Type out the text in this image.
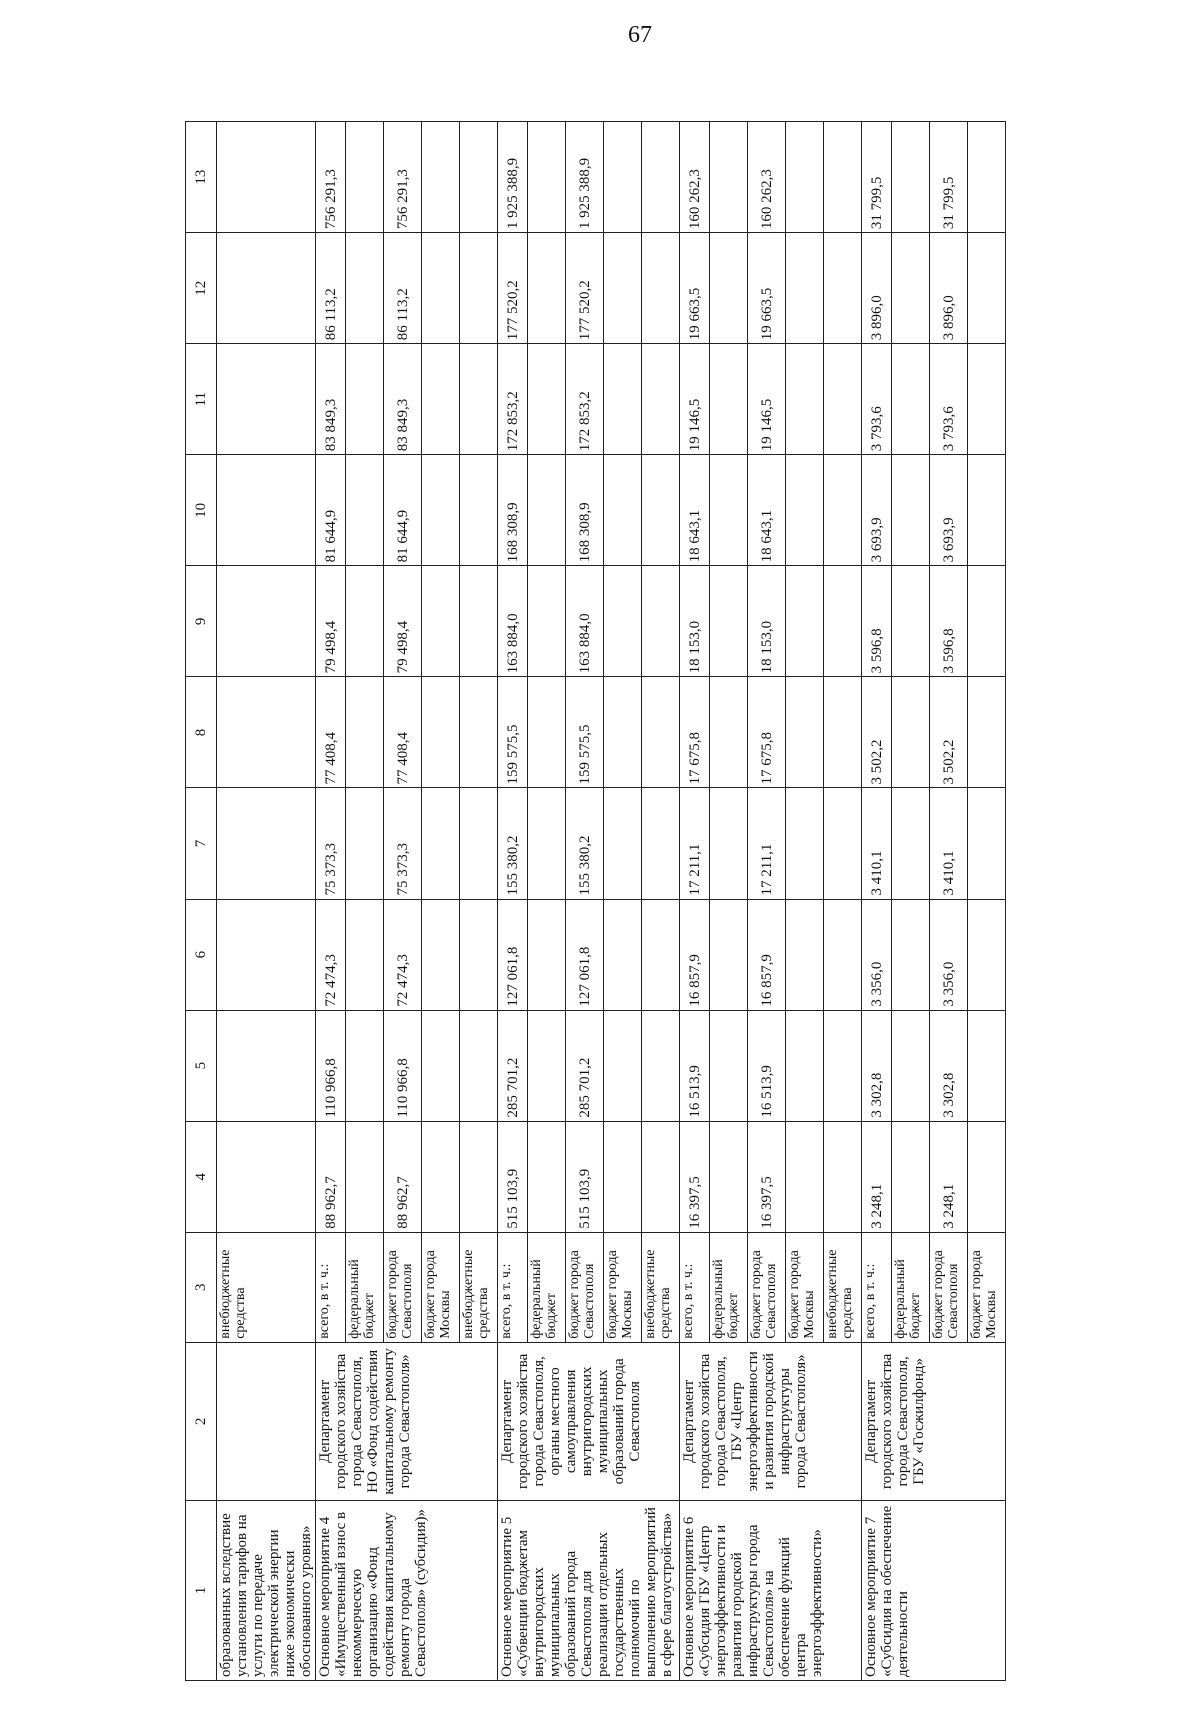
67
1	2	3	4	5	6	7	8	9	10	11	12	13
образованных вследствие установления тарифов на услуги по передаче электрической энергии ниже экономически обоснованного уровня»		внебюджетные средства										
Основное мероприятие 4 «Имущественный взнос в некоммерческую организацию «Фонд содействия капитальному ремонту города Севастополя» (субсидия)»	Департамент городского хозяйства города Севастополя, НО «Фонд содействия капитальному ремонту города Севастополя»	всего, в т. ч.:	88 962,7	110 966,8	72 474,3	75 373,3	77 408,4	79 498,4	81 644,9	83 849,3	86 113,2	756 291,3
		федеральный бюджет										
		бюджет города Севастополя	88 962,7	110 966,8	72 474,3	75 373,3	77 408,4	79 498,4	81 644,9	83 849,3	86 113,2	756 291,3
		бюджет города Москвы										
		внебюджетные средства										
Основное мероприятие 5 «Субвенции бюджетам внутригородских муниципальных образований города Севастополя для реализации отдельных государственных полномочий по выполнению мероприятий в сфере благоустройства»	Департамент городского хозяйства города Севастополя, органы местного самоуправления внутригородских муниципальных образований города Севастополя	всего, в т. ч.:	515 103,9	285 701,2	127 061,8	155 380,2	159 575,5	163 884,0	168 308,9	172 853,2	177 520,2	1 925 388,9
		федеральный бюджет										
		бюджет города Севастополя	515 103,9	285 701,2	127 061,8	155 380,2	159 575,5	163 884,0	168 308,9	172 853,2	177 520,2	1 925 388,9
		бюджет города Москвы										
		внебюджетные средства										
Основное мероприятие 6 «Субсидия ГБУ «Центр энергоэффективности и развития городской инфраструктуры города Севастополя» на обеспечение функций центра энергоэффективности»	Департамент городского хозяйства города Севастополя, ГБУ «Центр энергоэффективности и развития городской инфраструктуры города Севастополя»	всего, в т. ч.:	16 397,5	16 513,9	16 857,9	17 211,1	17 675,8	18 153,0	18 643,1	19 146,5	19 663,5	160 262,3
		федеральный бюджет										
		бюджет города Севастополя	16 397,5	16 513,9	16 857,9	17 211,1	17 675,8	18 153,0	18 643,1	19 146,5	19 663,5	160 262,3
		бюджет города Москвы										
		внебюджетные средства										
Основное мероприятие 7 «Субсидия на обеспечение деятельности	Департамент городского хозяйства города Севастополя, ГБУ «Госжилфонд»	всего, в т. ч.:	3 248,1	3 302,8	3 356,0	3 410,1	3 502,2	3 596,8	3 693,9	3 793,6	3 896,0	31 799,5
		федеральный бюджет										
		бюджет города Севастополя	3 248,1	3 302,8	3 356,0	3 410,1	3 502,2	3 596,8	3 693,9	3 793,6	3 896,0	31 799,5
		бюджет города Москвы										
